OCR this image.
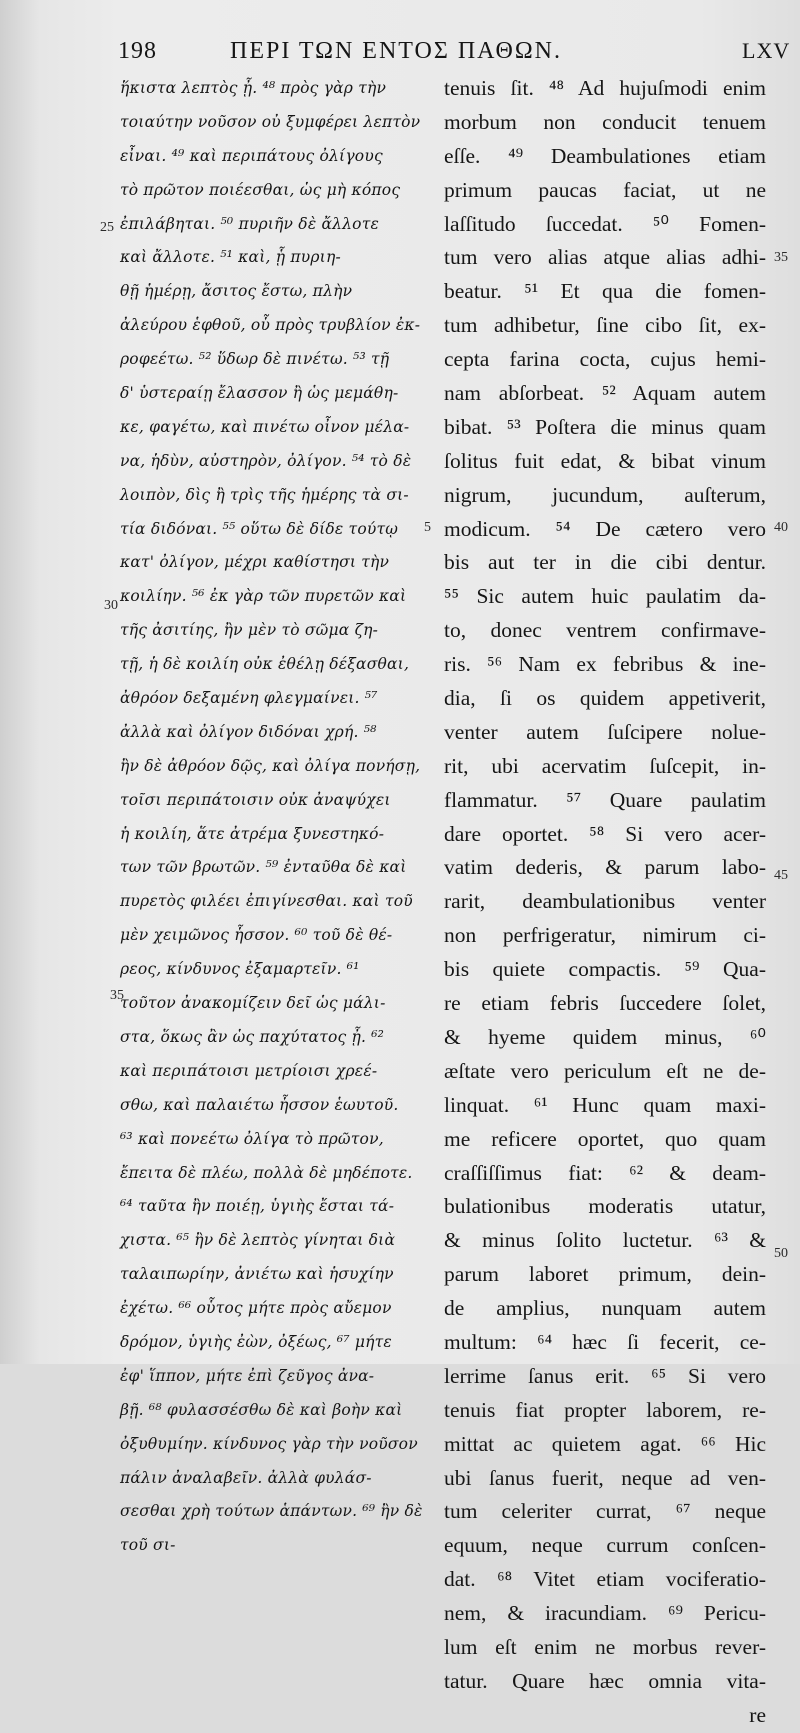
198	ΠΕΡΙ ΤΩΝ ΕΝΤΟΣ ΠΑΘΩΝ.	LXV
ἥκιστα λεπτὸς ᾖ. ⁴⁸ πρὸς γὰρ τὴν
τοιαύτην νοῦσον οὐ ξυμφέρει λεπτὸν
εἶναι. ⁴⁹ καὶ περιπάτους ὀλίγους
τὸ πρῶτον ποιέεσθαι, ὡς μὴ κόπος
ἐπιλάβηται. ⁵⁰ πυριῆν δὲ ἄλλοτε
καὶ ἄλλοτε. ⁵¹ καὶ, ᾗ πυριη-
θῇ ἡμέρῃ, ἄσιτος ἔστω, πλὴν
ἀλεύρου ἑφθοῦ, οὗ πρὸς τρυβλίον ἐκ-
ροφεέτω. ⁵² ὕδωρ δὲ πινέτω. ⁵³ τῇ
δ' ὑστεραίῃ ἔλασσον ἢ ὡς μεμάθη-
κε, φαγέτω, καὶ πινέτω οἶνον μέλα-
να, ἡδὺν, αὐστηρὸν, ὀλίγον. ⁵⁴ τὸ δὲ
λοιπὸν, δὶς ἢ τρὶς τῆς ἡμέρης τὰ σι-
τία διδόναι. ⁵⁵ οὕτω δὲ δίδε τούτῳ
κατ' ὀλίγον, μέχρι καθίστησι τὴν
κοιλίην. ⁵⁶ ἐκ γὰρ τῶν πυρετῶν καὶ
τῆς ἀσιτίης, ἢν μὲν τὸ σῶμα ζη-
τῇ, ἡ δὲ κοιλίη οὐκ ἐθέλῃ δέξασθαι,
ἀθρόον δεξαμένη φλεγμαίνει. ⁵⁷
ἀλλὰ καὶ ὀλίγον διδόναι χρή. ⁵⁸
ἢν δὲ ἀθρόον δῷς, καὶ ὀλίγα πονήσῃ,
τοῖσι περιπάτοισιν οὐκ ἀναψύχει
ἡ κοιλίη, ἅτε ἀτρέμα ξυνεστηκό-
των τῶν βρωτῶν. ⁵⁹ ἐνταῦθα δὲ καὶ
πυρετὸς φιλέει ἐπιγίνεσθαι. καὶ τοῦ
μὲν χειμῶνος ἧσσον. ⁶⁰ τοῦ δὲ θέ-
ρεος, κίνδυνος ἐξαμαρτεῖν. ⁶¹
τοῦτον ἀνακομίζειν δεῖ ὡς μάλι-
στα, ὅκως ἂν ὡς παχύτατος ᾖ. ⁶²
καὶ περιπάτοισι μετρίοισι χρεέ-
σθω, καὶ παλαιέτω ἧσσον ἑωυτοῦ.
⁶³ καὶ πονεέτω ὀλίγα τὸ πρῶτον,
ἔπειτα δὲ πλέω, πολλὰ δὲ μηδέποτε.
⁶⁴ ταῦτα ἢν ποιέῃ, ὑγιὴς ἔσται τά-
χιστα. ⁶⁵ ἢν δὲ λεπτὸς γίνηται διὰ
ταλαιπωρίην, ἀνιέτω καὶ ἡσυχίην
ἐχέτω. ⁶⁶ οὗτος μήτε πρὸς αὔεμον
δρόμον, ὑγιὴς ἐὼν, ὀξέως, ⁶⁷ μήτε
ἐφ' ἵππον, μήτε ἐπὶ ζεῦγος ἀνα-
βῇ. ⁶⁸ φυλασσέσθω δὲ καὶ βοὴν καὶ
ὀξυθυμίην. κίνδυνος γὰρ τὴν νοῦσον
πάλιν ἀναλαβεῖν. ἀλλὰ φυλάσ-
σεσθαι χρὴ τούτων ἁπάντων. ⁶⁹ ἢν δὲ
τοῦ σι-
tenuis ſit. ⁴⁸ Ad hujuſmodi enim
morbum non conducit tenuem
eſſe. ⁴⁹ Deambulationes etiam
primum paucas faciat, ut ne
laſſitudo ſuccedat. ⁵⁰ Fomen-
tum vero alias atque alias adhi-
beatur. ⁵¹ Et qua die fomen-
tum adhibetur, ſine cibo ſit, ex-
cepta farina cocta, cujus hemi-
nam abſorbeat. ⁵² Aquam autem
bibat. ⁵³ Poſtera die minus quam
ſolitus fuit edat, & bibat vinum
nigrum, jucundum, auſterum,
modicum. ⁵⁴ De cætero vero
bis aut ter in die cibi dentur.
⁵⁵ Sic autem huic paulatim da-
to, donec ventrem confirmave-
ris. ⁵⁶ Nam ex febribus & ine-
dia, ſi os quidem appetiverit,
venter autem ſuſcipere nolue-
rit, ubi acervatim ſuſcepit, in-
flammatur. ⁵⁷ Quare paulatim
dare oportet. ⁵⁸ Si vero acer-
vatim dederis, & parum labo-
rarit, deambulationibus venter
non perfrigeratur, nimirum ci-
bis quiete compactis. ⁵⁹ Qua-
re etiam febris ſuccedere ſolet,
& hyeme quidem minus, ⁶⁰
æſtate vero periculum eſt ne de-
linquat. ⁶¹ Hunc quam maxi-
me reficere oportet, quo quam
craſſiſſimus fiat: ⁶² & deam-
bulationibus moderatis utatur,
& minus ſolito luctetur. ⁶³ &
parum laboret primum, dein-
de amplius, nunquam autem
multum: ⁶⁴ hæc ſi fecerit, ce-
lerrime ſanus erit. ⁶⁵ Si vero
tenuis fiat propter laborem, re-
mittat ac quietem agat. ⁶⁶ Hic
ubi ſanus fuerit, neque ad ven-
tum celeriter currat, ⁶⁷ neque
equum, neque currum conſcen-
dat. ⁶⁸ Vitet etiam vociferatio-
nem, & iracundiam. ⁶⁹ Pericu-
lum eſt enim ne morbus rever-
tatur. Quare hæc omnia vita-
re
25
30
35
5
35
40
45
50
